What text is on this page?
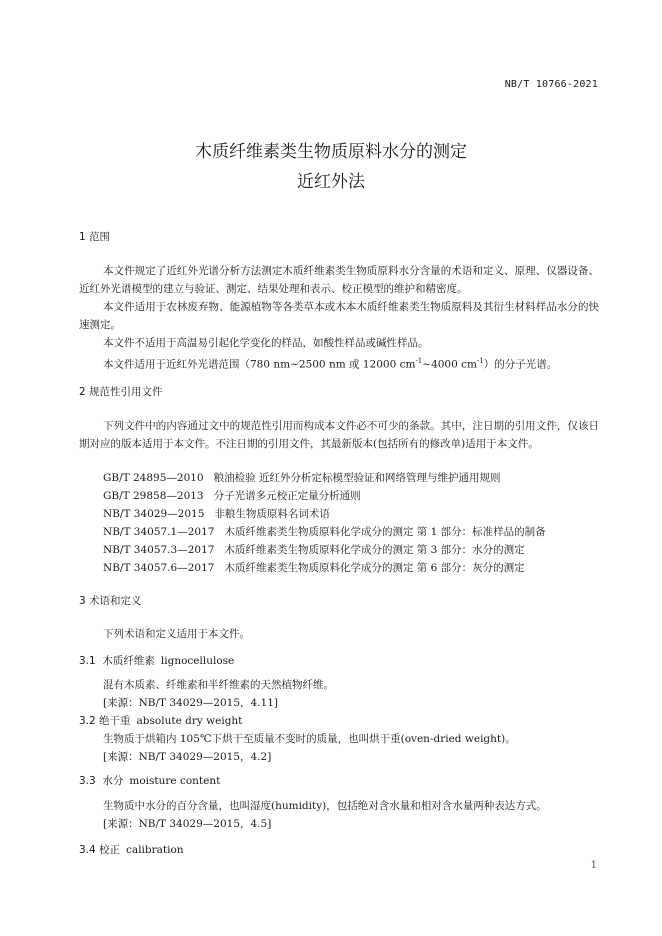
NB/T 10766-2021
木质纤维素类生物质原料水分的测定
近红外法
1 范围
本文件规定了近红外光谱分析方法测定木质纤维素类生物质原料水分含量的术语和定义、原理、仪器设备、近红外光谱模型的建立与验证、测定、结果处理和表示、校正模型的维护和精密度。
本文件适用于农林废弃物、能源植物等各类草本或木本木质纤维素类生物质原料及其衍生材料样品水分的快速测定。
本文件不适用于高温易引起化学变化的样品，如酸性样品或碱性样品。
本文件适用于近红外光谱范围（780 nm~2500 nm 或 12000 $cm^{-1}\sim 4000$ $cm^{-1}$）的分子光谱。
2 规范性引用文件
下列文件中的内容通过文中的规范性引用而构成本文件必不可少的条款。其中，注日期的引用文件，仅该日期对应的版本适用于本文件。不注日期的引用文件，其最新版本(包括所有的修改单)适用于本文件。
GB/T 24895—2010 粮油检验 近红外分析定标模型验证和网络管理与维护通用规则
GB/T 29858—2013 分子光谱多元校正定量分析通则
NB/T 34029—2015 非粮生物质原料名词术语
NB/T 34057.1—2017 木质纤维素类生物质原料化学成分的测定 第 1 部分：标准样品的制备
NB/T 34057.3—2017 木质纤维素类生物质原料化学成分的测定 第 3 部分：水分的测定
NB/T 34057.6—2017 木质纤维素类生物质原料化学成分的测定 第 6 部分：灰分的测定
3 术语和定义
下列术语和定义适用于本文件。
3.1 木质纤维素 lignocellulose
混有木质素、纤维素和半纤维素的天然植物纤维。
[来源：NB/T 34029—2015，4.11]
3.2 绝干重 absolute dry weight
生物质于烘箱内 105℃下烘干至质量不变时的质量，也叫烘干重(oven-dried weight)。
[来源：NB/T 34029—2015，4.2]
3.3 水分 moisture content
生物质中水分的百分含量，也叫湿度(humidity)，包括绝对含水量和相对含水量两种表达方式。
[来源：NB/T 34029—2015，4.5]
3.4 校正 calibration
1
